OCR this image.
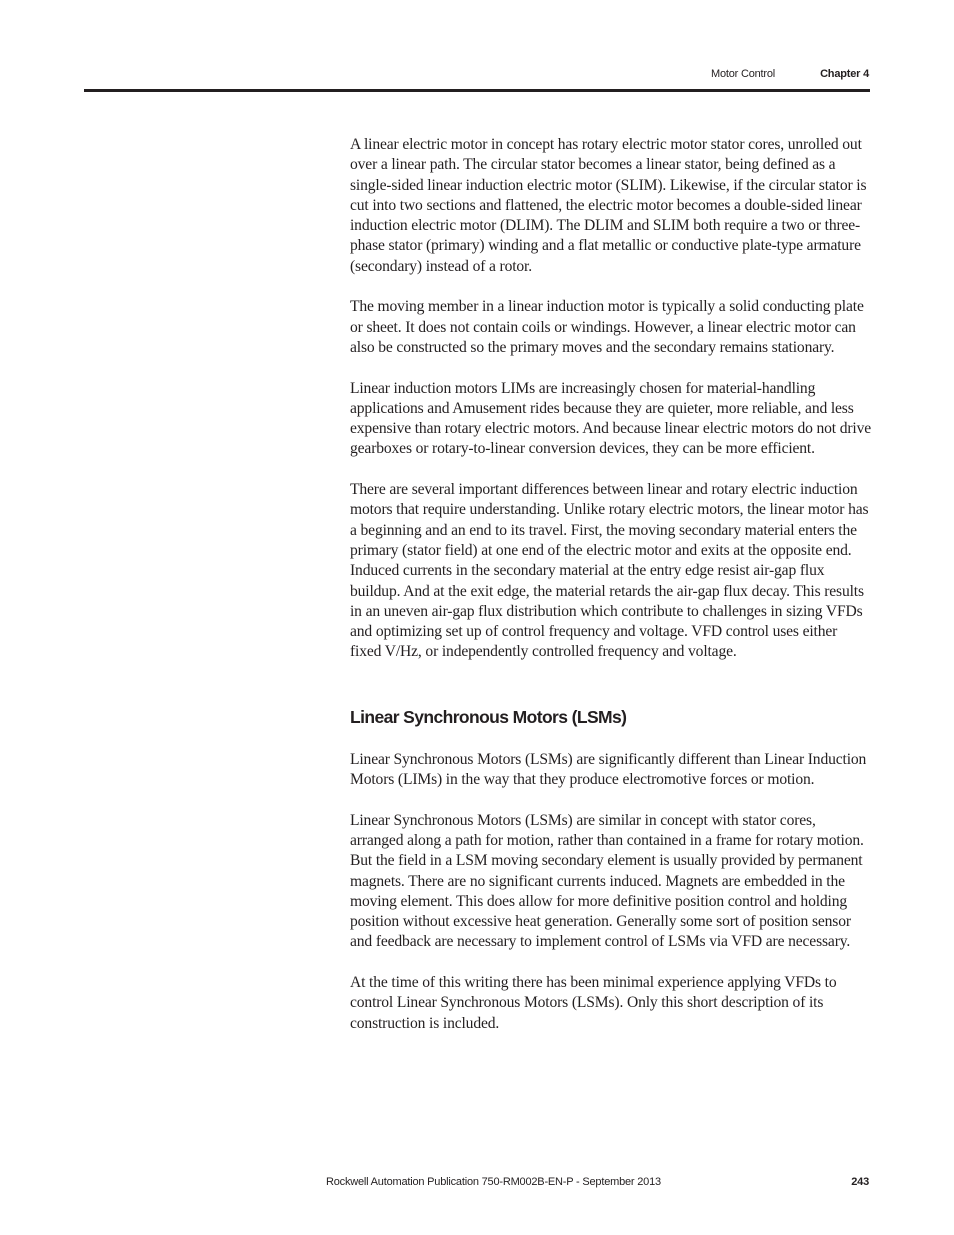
Motor Control	Chapter 4

A linear electric motor in concept has rotary electric motor stator cores, unrolled out over a linear path. The circular stator becomes a linear stator, being defined as a single-sided linear induction electric motor (SLIM). Likewise, if the circular stator is cut into two sections and flattened, the electric motor becomes a double-sided linear induction electric motor (DLIM). The DLIM and SLIM both require a two or three-phase stator (primary) winding and a flat metallic or conductive plate-type armature (secondary) instead of a rotor.

The moving member in a linear induction motor is typically a solid conducting plate or sheet. It does not contain coils or windings. However, a linear electric motor can also be constructed so the primary moves and the secondary remains stationary.

Linear induction motors LIMs are increasingly chosen for material-handling applications and Amusement rides because they are quieter, more reliable, and less expensive than rotary electric motors. And because linear electric motors do not drive gearboxes or rotary-to-linear conversion devices, they can be more efficient.

There are several important differences between linear and rotary electric induction motors that require understanding. Unlike rotary electric motors, the linear motor has a beginning and an end to its travel. First, the moving secondary material enters the primary (stator field) at one end of the electric motor and exits at the opposite end. Induced currents in the secondary material at the entry edge resist air-gap flux buildup. And at the exit edge, the material retards the air-gap flux decay. This results in an uneven air-gap flux distribution which contribute to challenges in sizing VFDs and optimizing set up of control frequency and voltage. VFD control uses either fixed V/Hz, or independently controlled frequency and voltage.

Linear Synchronous Motors (LSMs)

Linear Synchronous Motors (LSMs) are significantly different than Linear Induction Motors (LIMs) in the way that they produce electromotive forces or motion.

Linear Synchronous Motors (LSMs) are similar in concept with stator cores, arranged along a path for motion, rather than contained in a frame for rotary motion. But the field in a LSM moving secondary element is usually provided by permanent magnets. There are no significant currents induced. Magnets are embedded in the moving element. This does allow for more definitive position control and holding position without excessive heat generation. Generally some sort of position sensor and feedback are necessary to implement control of LSMs via VFD are necessary.

At the time of this writing there has been minimal experience applying VFDs to control Linear Synchronous Motors (LSMs). Only this short description of its construction is included.

Rockwell Automation Publication 750-RM002B-EN-P - September 2013	243
